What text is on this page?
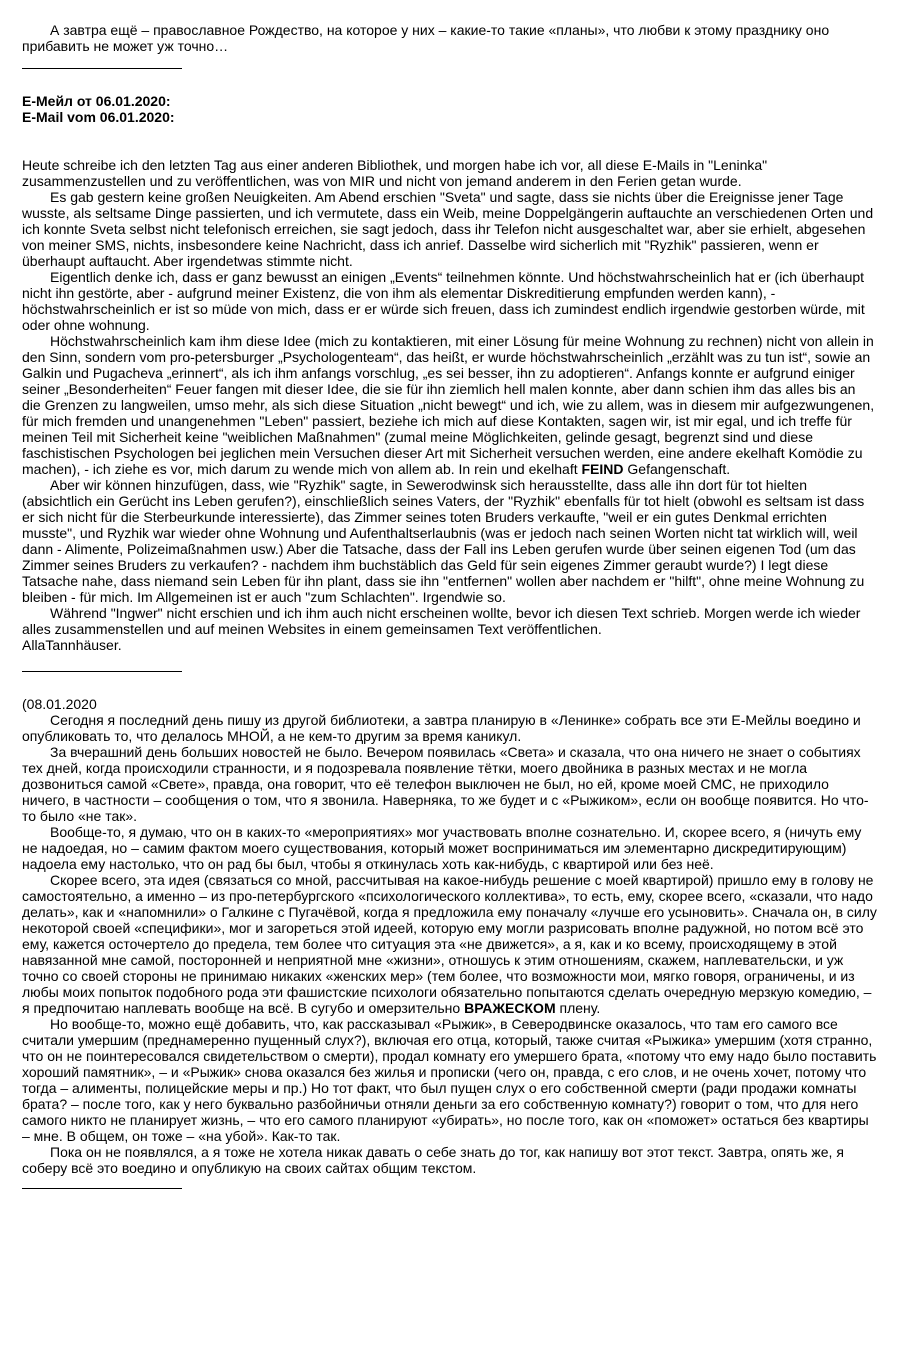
А завтра ещё – православное Рождество, на которое у них – какие-то такие «планы», что любви к этому празднику оно прибавить не может уж точно…

Е-Мейл от 06.01.2020:

E-Mail vom 06.01.2020:

Heute schreibe ich den letzten Tag aus einer anderen Bibliothek, und morgen habe ich vor, all diese E-Mails in "Leninka" zusammenzustellen und zu veröffentlichen, was von MIR und nicht von jemand anderem in den Ferien getan wurde.

Es gab gestern keine großen Neuigkeiten. Am Abend erschien "Sveta" und sagte, dass sie nichts über die Ereignisse jener Tage wusste, als seltsame Dinge passierten, und ich vermutete, dass ein Weib, meine Doppelgängerin auftauchte an verschiedenen Orten und ich konnte Sveta selbst nicht telefonisch erreichen, sie sagt jedoch, dass ihr Telefon nicht ausgeschaltet war, aber sie erhielt, abgesehen von meiner SMS, nichts, insbesondere keine Nachricht, dass ich anrief. Dasselbe wird sicherlich mit "Ryzhik" passieren, wenn er überhaupt auftaucht. Aber irgendetwas stimmte nicht.

Eigentlich denke ich, dass er ganz bewusst an einigen „Events“ teilnehmen könnte. Und höchstwahrscheinlich hat er (ich überhaupt nicht ihn gestörte, aber - aufgrund meiner Existenz, die von ihm als elementar Diskreditierung empfunden werden kann), - höchstwahrscheinlich er ist so müde von mich, dass er er würde sich freuen, dass ich zumindest endlich irgendwie gestorben würde, mit oder ohne wohnung.

Höchstwahrscheinlich kam ihm diese Idee (mich zu kontaktieren, mit einer Lösung für meine Wohnung zu rechnen) nicht von allein in den Sinn, sondern vom pro-petersburger „Psychologenteam“, das heißt, er wurde höchstwahrscheinlich „erzählt was zu tun ist“, sowie an Galkin und Pugacheva „erinnert“, als ich ihm anfangs vorschlug, „es sei besser, ihn zu adoptieren“. Anfangs konnte er aufgrund einiger seiner „Besonderheiten“ Feuer fangen mit dieser Idee, die sie für ihn ziemlich hell malen konnte, aber dann schien ihm das alles bis an die Grenzen zu langweilen, umso mehr, als sich diese Situation „nicht bewegt“ und ich, wie zu allem, was in diesem mir aufgezwungenen, für mich fremden und unangenehmen "Leben" passiert, beziehe ich mich auf diese Kontakten, sagen wir, ist mir egal, und ich treffe für meinen Teil mit Sicherheit keine "weiblichen Maßnahmen" (zumal meine Möglichkeiten, gelinde gesagt, begrenzt sind und diese faschistischen Psychologen bei jeglichen mein Versuchen dieser Art mit Sicherheit versuchen werden, eine andere ekelhaft Komödie zu machen), - ich ziehe es vor, mich darum zu wende mich von allem ab. In rein und ekelhaft FEIND Gefangenschaft.

Aber wir können hinzufügen, dass, wie "Ryzhik" sagte, in Sewerodwinsk sich herausstellte, dass alle ihn dort für tot hielten (absichtlich ein Gerücht ins Leben gerufen?), einschließlich seines Vaters, der "Ryzhik" ebenfalls für tot hielt (obwohl es seltsam ist dass er sich nicht für die Sterbeurkunde interessierte), das Zimmer seines toten Bruders verkaufte, "weil er ein gutes Denkmal errichten musste", und Ryzhik war wieder ohne Wohnung und Aufenthaltserlaubnis (was er jedoch nach seinen Worten nicht tat wirklich will, weil dann - Alimente, Polizeimaßnahmen usw.) Aber die Tatsache, dass der Fall ins Leben gerufen wurde über seinen eigenen Tod (um das Zimmer seines Bruders zu verkaufen? - nachdem ihm buchstäblich das Geld für sein eigenes Zimmer geraubt wurde?) I legt diese Tatsache nahe, dass niemand sein Leben für ihn plant, dass sie ihn "entfernen" wollen aber nachdem er "hilft", ohne meine Wohnung zu bleiben - für mich. Im Allgemeinen ist er auch "zum Schlachten". Irgendwie so.

Während "Ingwer" nicht erschien und ich ihm auch nicht erscheinen wollte, bevor ich diesen Text schrieb. Morgen werde ich wieder alles zusammenstellen und auf meinen Websites in einem gemeinsamen Text veröffentlichen.

AllaTannhäuser.

(08.01.2020

Сегодня я последний день пишу из другой библиотеки, а завтра планирую в «Ленинке» собрать все эти Е-Мейлы воедино и опубликовать то, что делалось МНОЙ, а не кем-то другим за время каникул.

За вчерашний день больших новостей не было. Вечером появилась «Света» и сказала, что она ничего не знает о событиях тех дней, когда происходили странности, и я подозревала появление тётки, моего двойника в разных местах и не могла дозвониться самой «Свете», правда, она говорит, что её телефон выключен не был, но ей, кроме моей СМС, не приходило ничего, в частности – сообщения о том, что я звонила. Наверняка, то же будет и с «Рыжиком», если он вообще появится. Но что-то было «не так».

Вообще-то, я думаю, что он в каких-то «мероприятиях» мог участвовать вполне сознательно. И, скорее всего, я (ничуть ему не надоедая, но – самим фактом моего существования, который может восприниматься им элементарно дискредитирующим) надоела ему настолько, что он рад бы был, чтобы я откинулась хоть как-нибудь, с квартирой или без неё.

Скорее всего, эта идея (связаться со мной, рассчитывая на какое-нибудь решение с моей квартирой) пришло ему в голову не самостоятельно, а именно – из про-петербургского «психологического коллектива», то есть, ему, скорее всего, «сказали, что надо делать», как и «напомнили» о Галкине с Пугачёвой, когда я предложила ему поначалу «лучше его усыновить». Сначала он, в силу некоторой своей «специфики», мог и загореться этой идеей, которую ему могли разрисовать вполне радужной, но потом всё это ему, кажется осточертело до предела, тем более что ситуация эта «не движется», а я, как и ко всему, происходящему в этой навязанной мне самой, посторонней и неприятной мне «жизни», отношусь к этим отношениям, скажем, наплевательски, и уж точно со своей стороны не принимаю никаких «женских мер» (тем более, что возможности мои, мягко говоря, ограничены, и из любы моих попыток подобного рода эти фашистские психологи обязательно попытаются сделать очередную мерзкую комедию, – я предпочитаю наплевать вообще на всё. В сугубо и омерзительно ВРАЖЕСКОМ плену.

Но вообще-то, можно ещё добавить, что, как рассказывал «Рыжик», в Северодвинске оказалось, что там его самого все считали умершим (преднамеренно пущенный слух?), включая его отца, который, также считая «Рыжика» умершим (хотя странно, что он не поинтересовался свидетельством о смерти), продал комнату его умершего брата, «потому что ему надо было поставить хороший памятник», – и «Рыжик» снова оказался без жилья и прописки (чего он, правда, с его слов, и не очень хочет, потому что тогда – алименты, полицейские меры и пр.) Но тот факт, что был пущен слух о его собственной смерти (ради продажи комнаты брата? – после того, как у него буквально разбойничьи отняли деньги за его собственную комнату?) говорит о том, что для него самого никто не планирует жизнь, – что его самого планируют «убирать», но после того, как он «поможет» остаться без квартиры – мне. В общем, он тоже – «на убой». Как-то так.

Пока он не появлялся, а я тоже не хотела никак давать о себе знать до тог, как напишу вот этот текст. Завтра, опять же, я соберу всё это воедино и опубликую на своих сайтах общим текстом.
